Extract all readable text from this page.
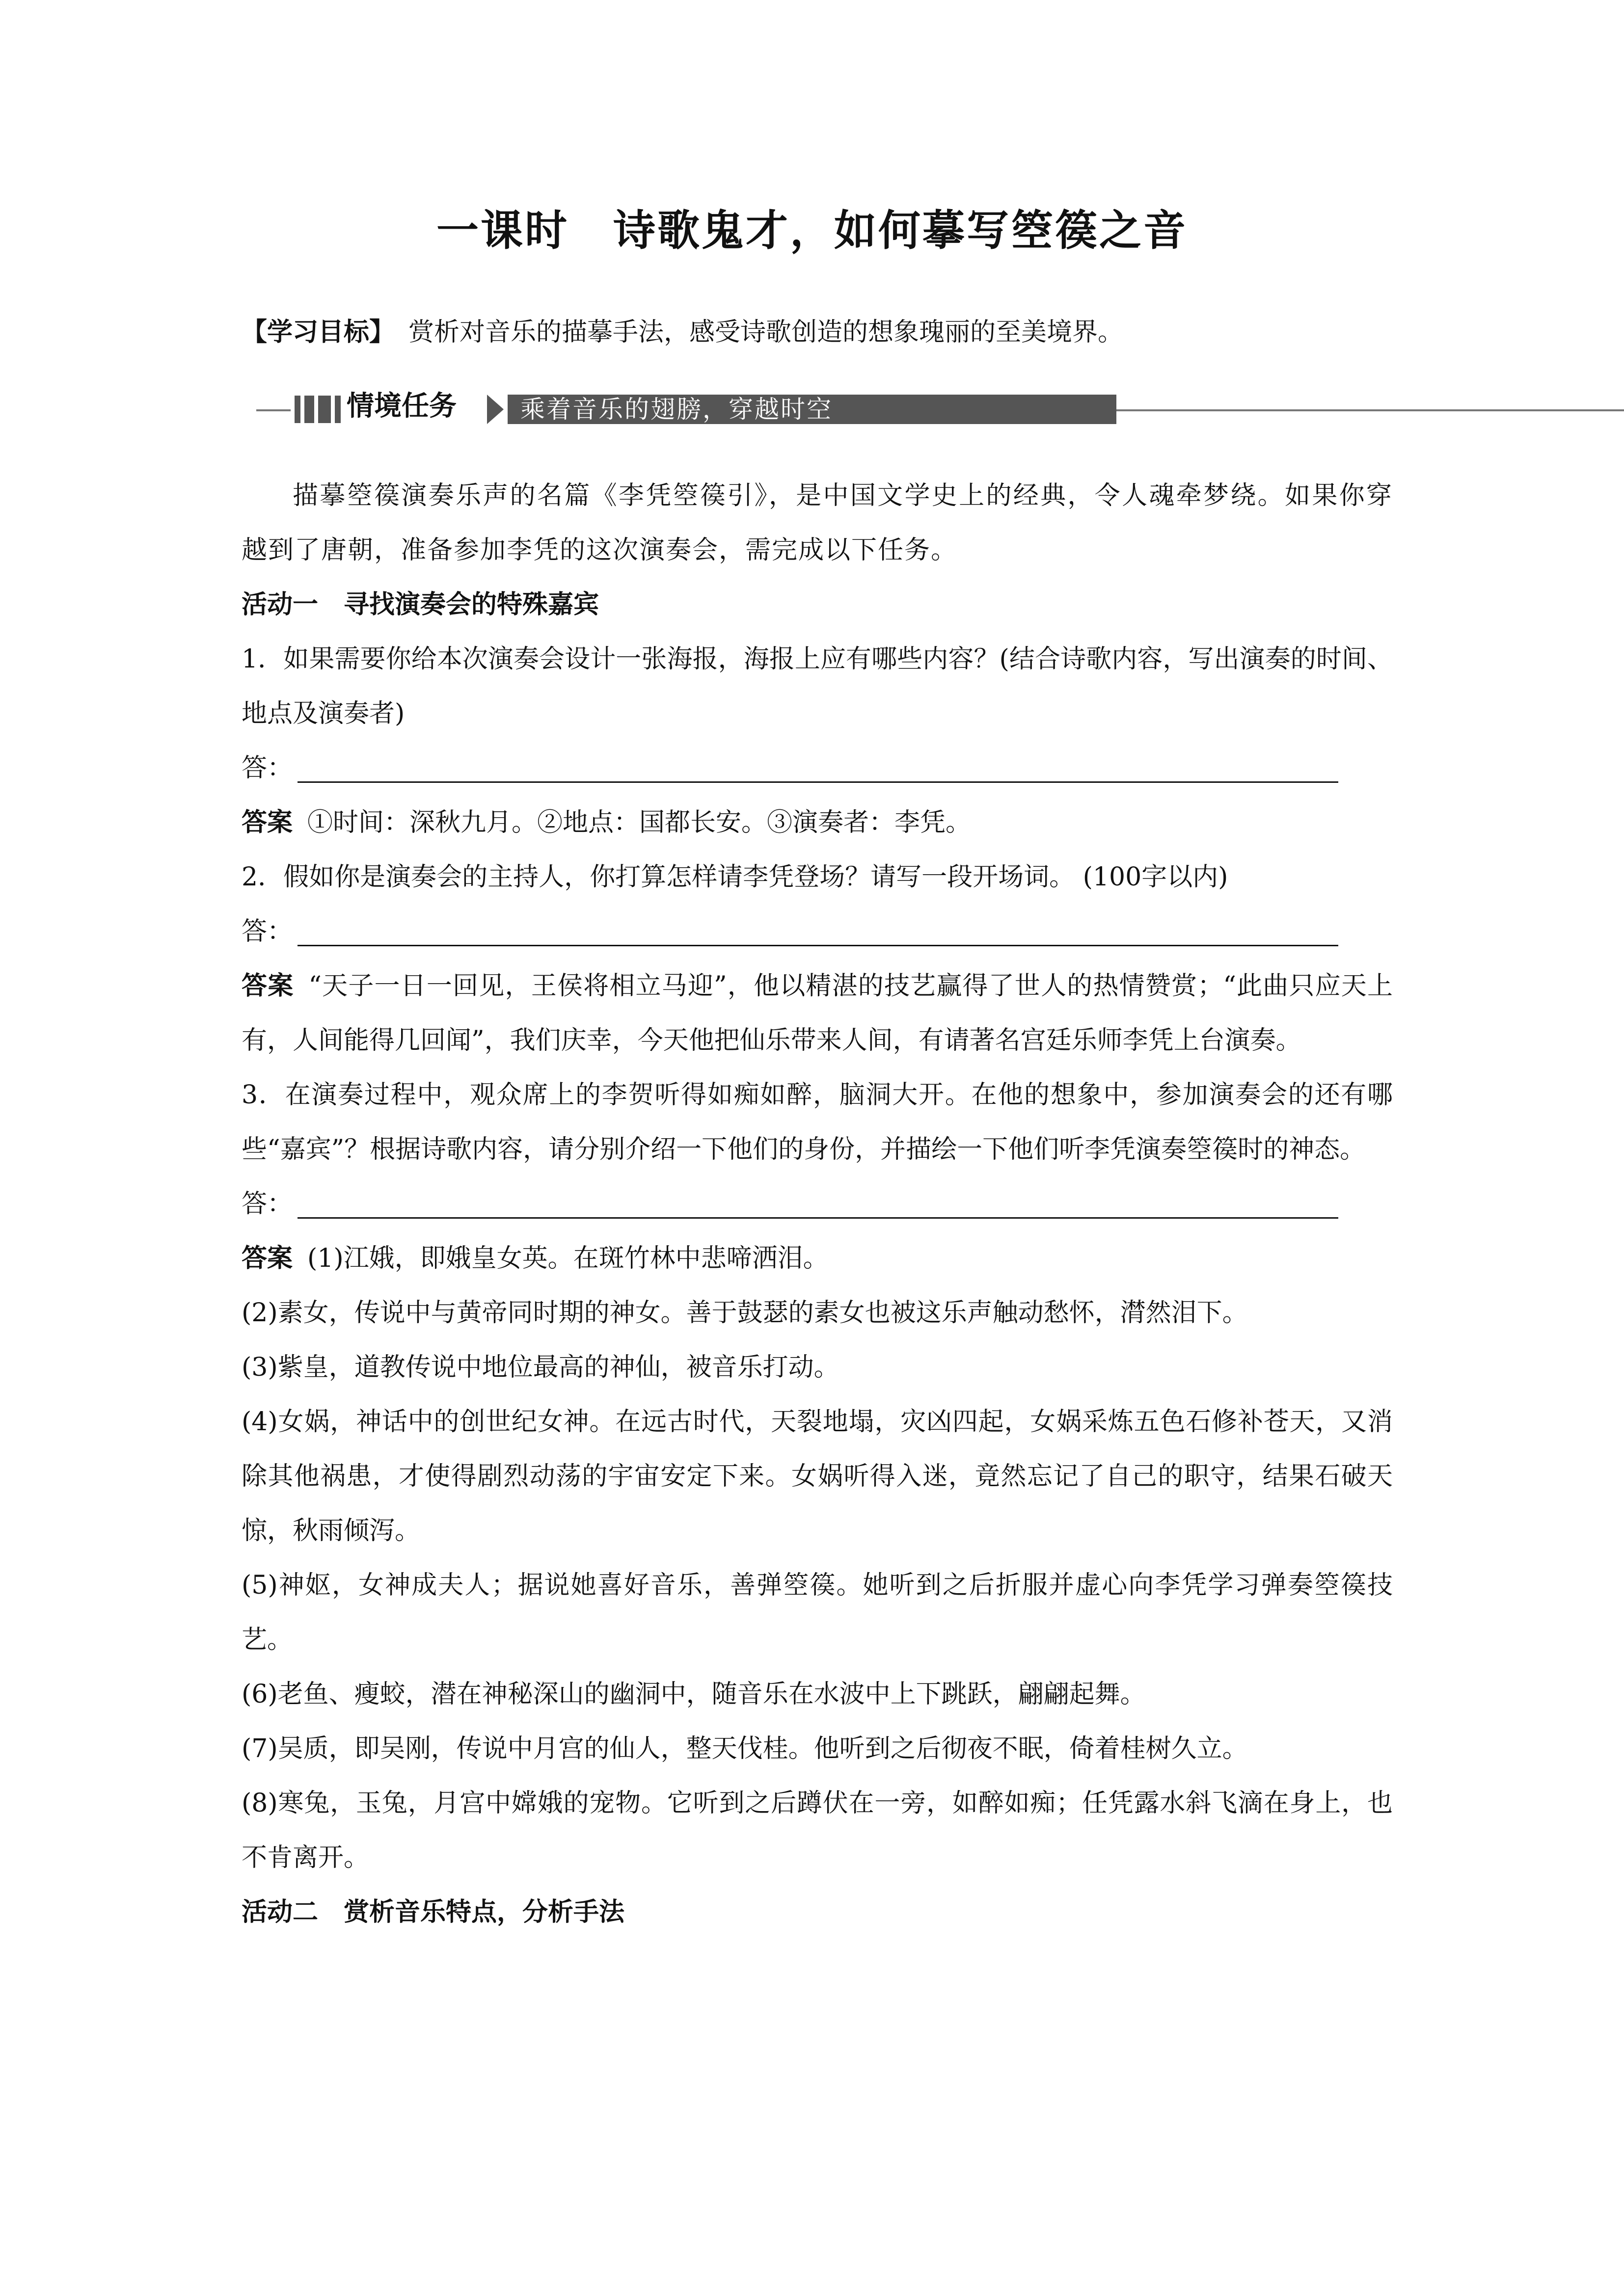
一课时　诗歌鬼才，如何摹写箜篌之音
【学习目标】 赏析对音乐的描摹手法，感受诗歌创造的想象瑰丽的至美境界。
情境任务	乘着音乐的翅膀，穿越时空

描摹箜篌演奏乐声的名篇《李凭箜篌引》，是中国文学史上的经典，令人魂牵梦绕。如果你穿越到了唐朝，准备参加李凭的这次演奏会，需完成以下任务。

活动一　寻找演奏会的特殊嘉宾

1．如果需要你给本次演奏会设计一张海报，海报上应有哪些内容？(结合诗歌内容，写出演奏的时间、地点及演奏者)

答：

答案 ①时间：深秋九月。②地点：国都长安。③演奏者：李凭。

2．假如你是演奏会的主持人，你打算怎样请李凭登场？请写一段开场词。 (100字以内)

答：

答案 “天子一日一回见，王侯将相立马迎”，他以精湛的技艺赢得了世人的热情赞赏；“此曲只应天上有，人间能得几回闻”，我们庆幸，今天他把仙乐带来人间，有请著名宫廷乐师李凭上台演奏。

3．在演奏过程中，观众席上的李贺听得如痴如醉，脑洞大开。在他的想象中，参加演奏会的还有哪些“嘉宾”？根据诗歌内容，请分别介绍一下他们的身份，并描绘一下他们听李凭演奏箜篌时的神态。

答：

答案 (1)江娥，即娥皇女英。在斑竹林中悲啼洒泪。

(2)素女，传说中与黄帝同时期的神女。善于鼓瑟的素女也被这乐声触动愁怀，潸然泪下。

(3)紫皇，道教传说中地位最高的神仙，被音乐打动。

(4)女娲，神话中的创世纪女神。在远古时代，天裂地塌，灾凶四起，女娲采炼五色石修补苍天，又消除其他祸患，才使得剧烈动荡的宇宙安定下来。女娲听得入迷，竟然忘记了自己的职守，结果石破天惊，秋雨倾泻。

(5)神妪，女神成夫人；据说她喜好音乐，善弹箜篌。她听到之后折服并虚心向李凭学习弹奏箜篌技艺。

(6)老鱼、瘦蛟，潜在神秘深山的幽洞中，随音乐在水波中上下跳跃，翩翩起舞。

(7)吴质，即吴刚，传说中月宫的仙人，整天伐桂。他听到之后彻夜不眠，倚着桂树久立。

(8)寒兔，玉兔，月宫中嫦娥的宠物。它听到之后蹲伏在一旁，如醉如痴；任凭露水斜飞滴在身上，也不肯离开。

活动二　赏析音乐特点，分析手法
